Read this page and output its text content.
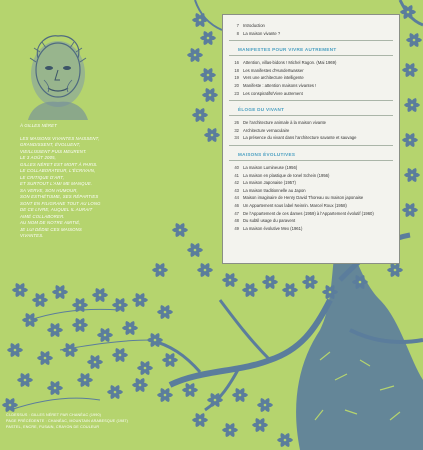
À GILLES NÉRET
LES MAISONS VIVANTES NAISSENT,
GRANDISSENT, ÉVOLUENT,
VIEILLISSENT PUIS MEURENT.
LE 3 AOÛT 2005,
GILLES NÉRET EST MORT À PARIS.
LE COLLABORATEUR, L'ÉCRIVAIN,
LE CRITIQUE D'ART,
ET SURTOUT L'AMI ME MANQUE.
SA VERVE, SON HUMOUR,
SON ESTHÉTISME, SES RÉPARTIES
SONT EN FILIGRANE TOUT AU LONG
DE CE LIVRE, AUQUEL IL AURAIT
AIMÉ COLLABORER.
AU NOM DE NOTRE AMITIÉ,
JE LUI DÉDIE CES MAISONS
VIVANTES.
7 Introduction
8 La maison vivante ?
MANIFESTES POUR VIVRE AUTREMENT
16 Attention, villas-bidons ! Michel Ragon. (Mai 1969)
18 Les manifestes d'Hundertwasser
19 Vers une architecture intelligente
20 Manifeste : attention maisons vivantes !
23 Les conspiratifs/Vivre autrement
ÉLOGE DU VIVANT
26 De l'architecture animale à la maison vivante
32 Architecture vernaculaire
34 La présence du vivant dans l'architecture savante et sauvage
MAISONS ÉVOLUTIVES
40 La maison Lumineuse (1956)
41 La maison en plastique de Ionel Schein (1956)
42 La maison Japonaise (1957)
43 La maison traditionnelle au Japon
44 Maison imaginaire de Henry David Thoreau ou maison japonaise
46 Un Appartement sous label Neinrin. Marcel Roux (1958)
47 De l'Appartement de ces dames (1959) à l'Appartement évolutif (1960)
48 Du subtil usage du paravent
49 La maison évolutive Mex (1961)
CI-DESSUS : GILLES NÉRET PAR CHANÉAC (1990)
PAGE PRÉCÉDENTE : CHANÉAC, MOUNTAIN ARABESQUE (1987)
PASTEL, ENCRE, FUSAIN, CRAYON DE COULEUR
